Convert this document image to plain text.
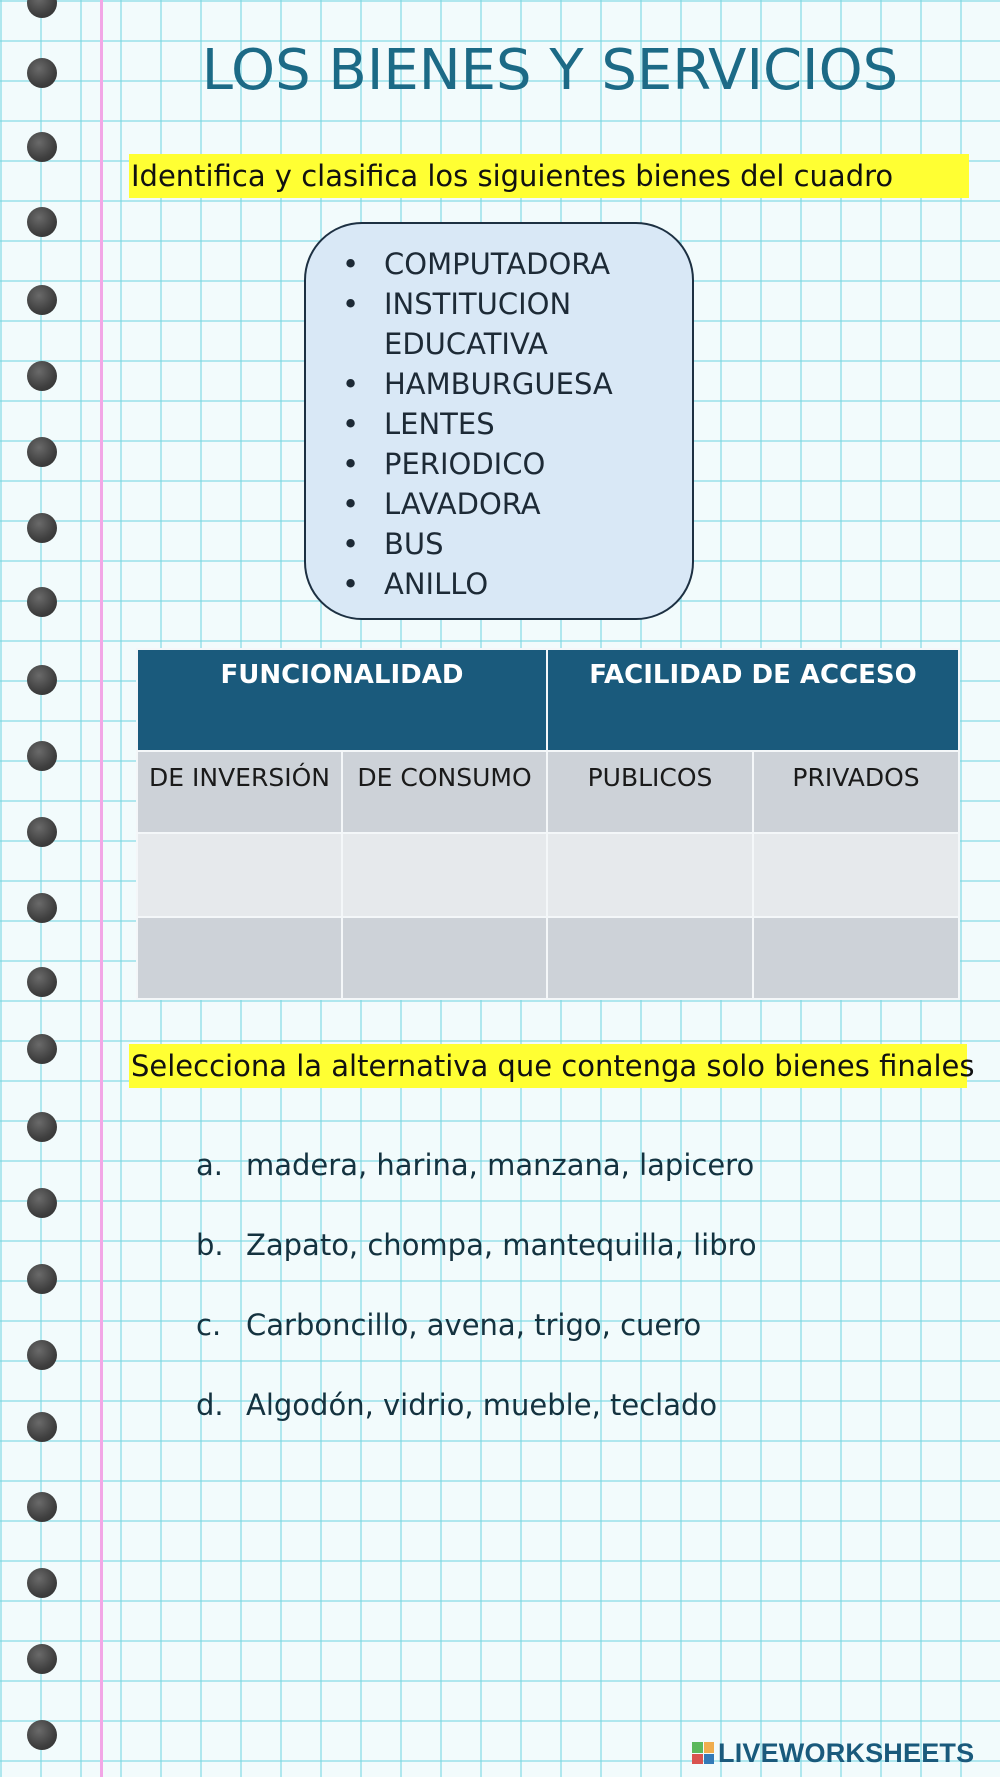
LOS BIENES Y SERVICIOS
Identifica y clasifica los siguientes bienes del cuadro
• COMPUTADORA
• INSTITUCION EDUCATIVA
• HAMBURGUESA
• LENTES
• PERIODICO
• LAVADORA
• BUS
• ANILLO
FUNCIONALIDAD		FACILIDAD DE ACCESO	
DE INVERSIÓN	DE CONSUMO	PUBLICOS	PRIVADOS

Selecciona la alternativa que contenga solo bienes finales
a. madera, harina, manzana, lapicero
b. Zapato, chompa, mantequilla, libro
c. Carboncillo, avena, trigo, cuero
d. Algodón, vidrio, mueble, teclado
LIVEWORKSHEETS
